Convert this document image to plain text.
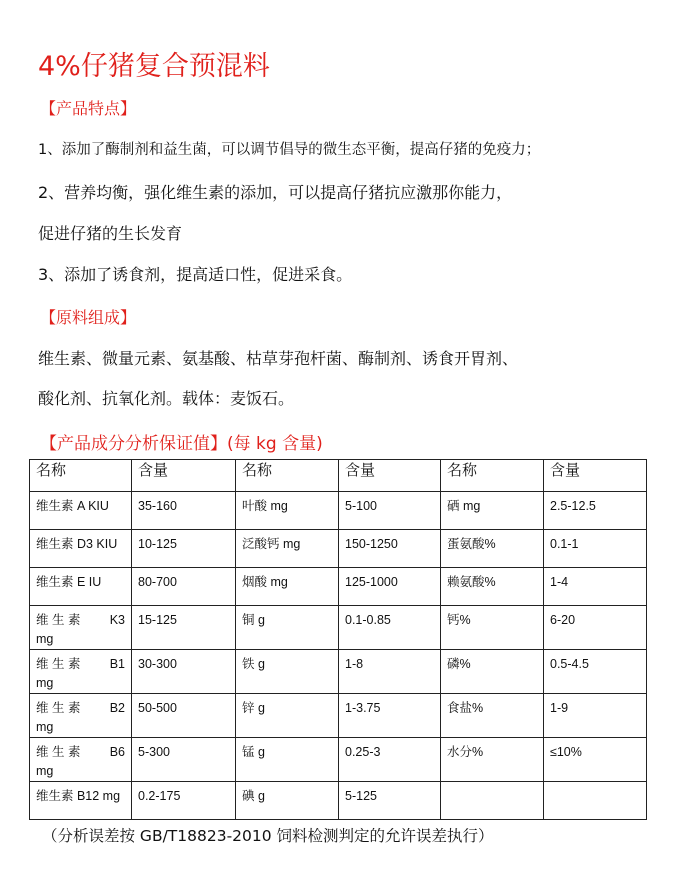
4%仔猪复合预混料
【产品特点】
1、添加了酶制剂和益生菌，可以调节倡导的微生态平衡，提高仔猪的免疫力；
2、营养均衡，强化维生素的添加，可以提高仔猪抗应激那你能力，
促进仔猪的生长发育
3、添加了诱食剂，提高适口性，促进采食。
【原料组成】
维生素、微量元素、氨基酸、枯草芽孢杆菌、酶制剂、诱食开胃剂、
酸化剂、抗氧化剂。载体：麦饭石。
【产品成分分析保证值】(每 kg 含量)
名称	含量	名称	含量	名称	含量

维生素 A KIU	35-160	叶酸 mg	5-100	硒 mg	2.5-12.5

维生素 D3 KIU	10-125	泛酸钙 mg	150-1250	蛋氨酸%	0.1-1

维生素 E IU	80-700	烟酸 mg	125-1000	赖氨酸%	1-4

维 生 素 K3
mg	15-125	铜 g	0.1-0.85	钙%	6-20

维 生 素 B1
mg	30-300	铁 g	1-8	磷%	0.5-4.5

维 生 素 B2
mg	50-500	锌 g	1-3.75	食盐%	1-9

维 生 素 B6
mg	5-300	锰 g	0.25-3	水分%	≤10%

维生素 B12 mg	0.2-175	碘 g	5-125		

（分析误差按 GB/T18823-2010 饲料检测判定的允许误差执行）
